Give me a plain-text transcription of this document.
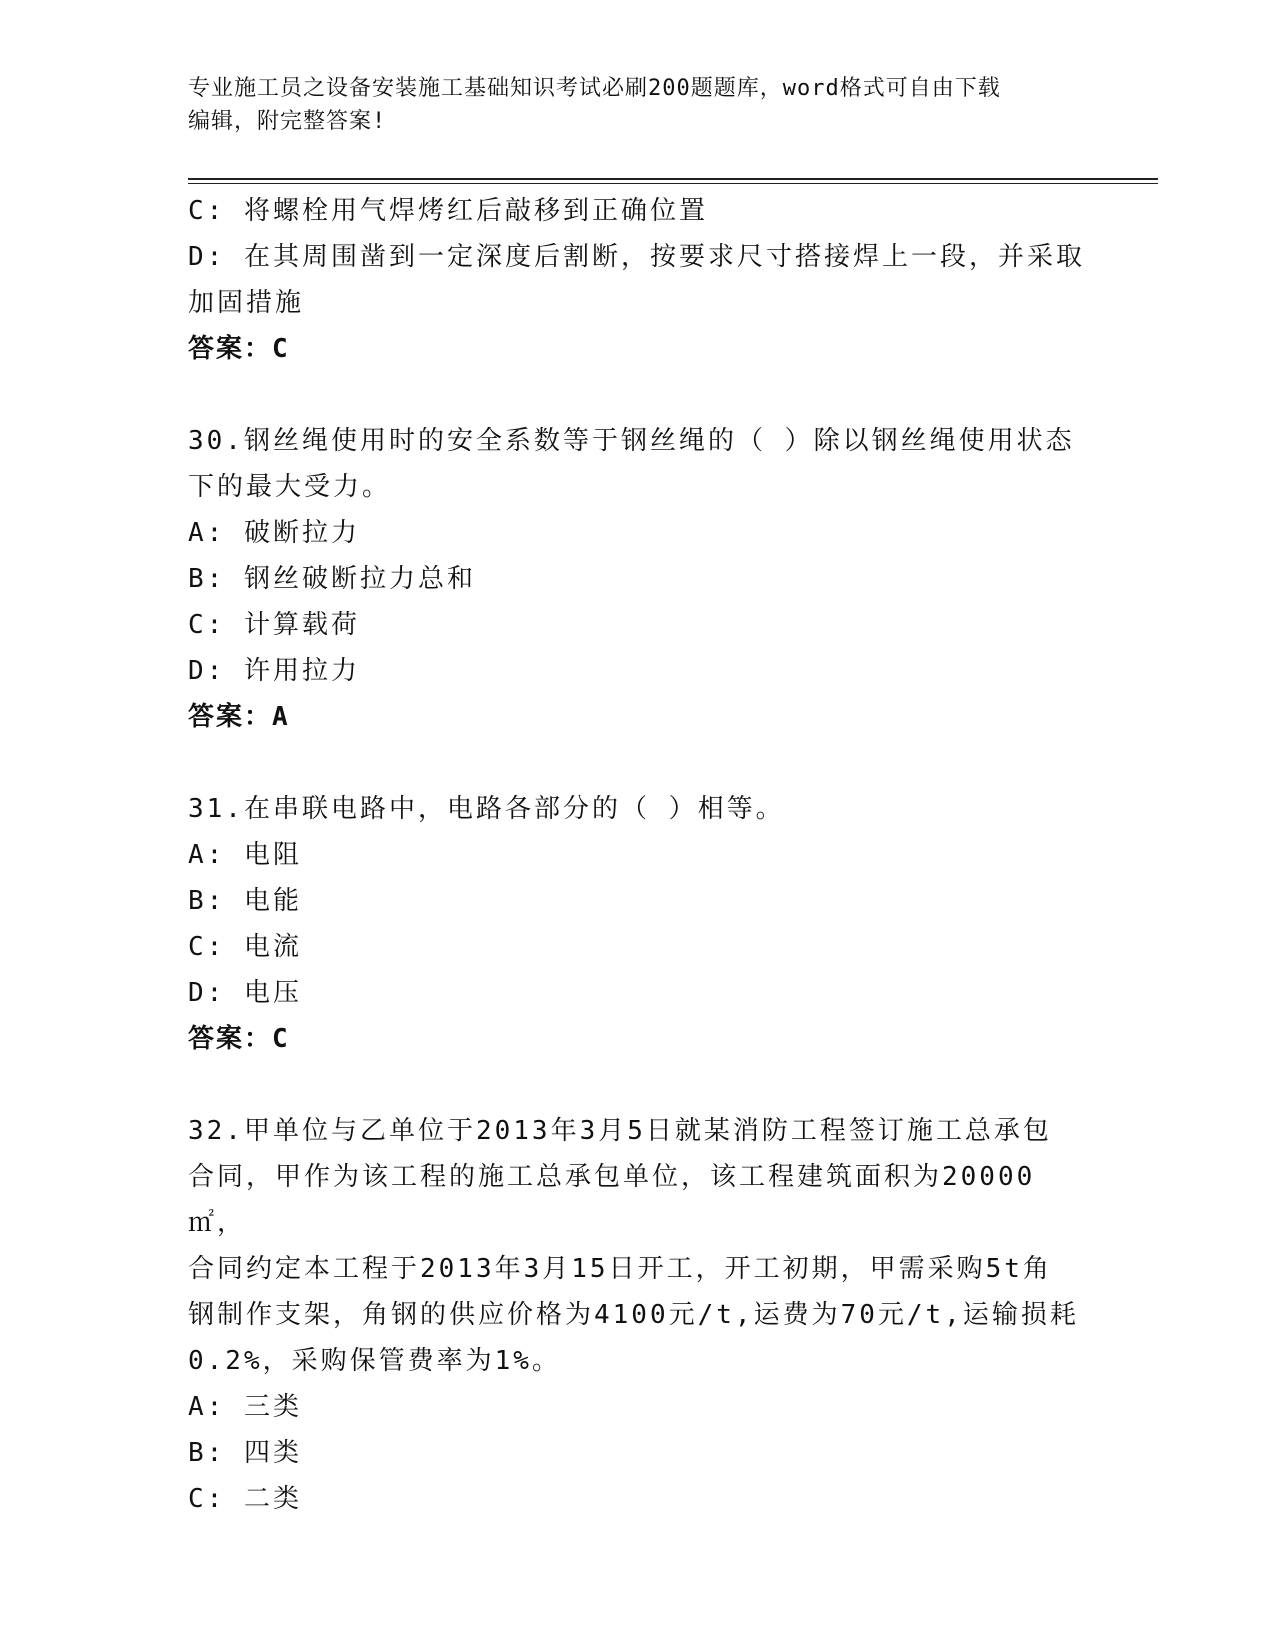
专业施工员之设备安装施工基础知识考试必刷200题题库，word格式可自由下载
编辑，附完整答案!

C: 将螺栓用气焊烤红后敲移到正确位置

D: 在其周围凿到一定深度后割断，按要求尺寸搭接焊上一段，并采取

加固措施

答案：C

30.钢丝绳使用时的安全系数等于钢丝绳的（ ）除以钢丝绳使用状态

下的最大受力。

A: 破断拉力

B: 钢丝破断拉力总和

C: 计算载荷

D: 许用拉力

答案：A

31.在串联电路中，电路各部分的（ ）相等。

A: 电阻

B: 电能

C: 电流

D: 电压

答案：C

32.甲单位与乙单位于2013年3月5日就某消防工程签订施工总承包

合同，甲作为该工程的施工总承包单位，该工程建筑面积为20000㎡，

合同约定本工程于2013年3月15日开工，开工初期，甲需采购5t角

钢制作支架，角钢的供应价格为4100元/t,运费为70元/t,运输损耗

0.2%，采购保管费率为1%。

A: 三类

B: 四类

C: 二类
